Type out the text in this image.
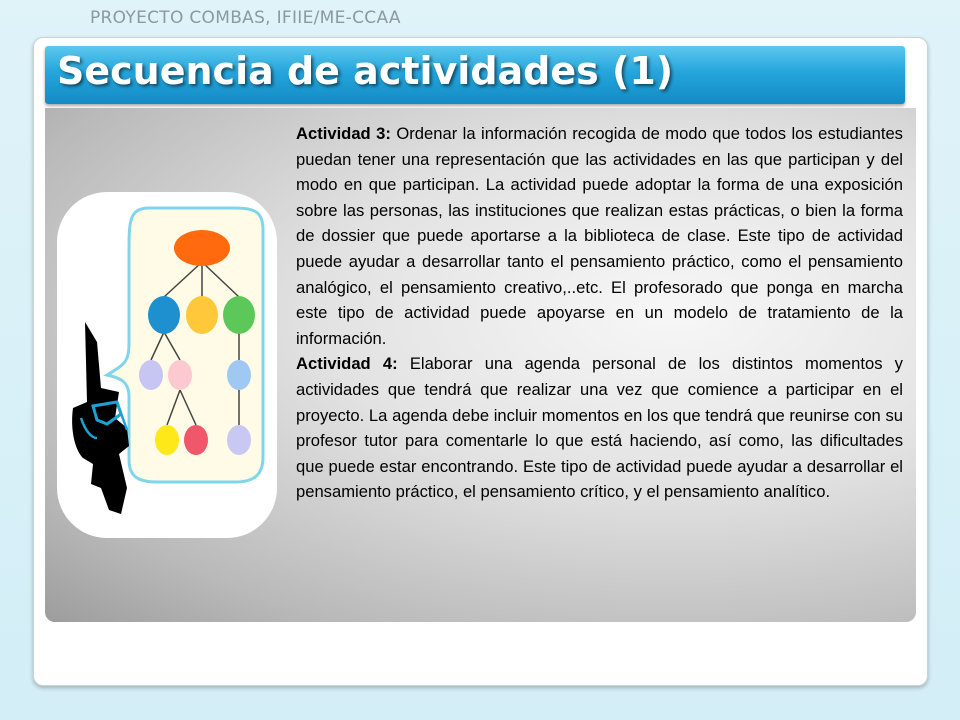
PROYECTO COMBAS, IFIIE/ME-CCAA
Secuencia de actividades (1)

Actividad 3: Ordenar la información recogida de modo que todos los estudiantes puedan tener una representación que las actividades en las que participan y del modo en que participan. La actividad puede adoptar la forma de una exposición sobre las personas, las instituciones que realizan estas prácticas, o bien la forma de dossier que puede aportarse a la biblioteca de clase. Este tipo de actividad puede ayudar a desarrollar tanto el pensamiento práctico, como el pensamiento analógico, el pensamiento creativo,..etc. El profesorado que ponga en marcha este tipo de actividad puede apoyarse en un modelo de tratamiento de la información.

Actividad 4: Elaborar una agenda personal de los distintos momentos y actividades que tendrá que realizar una vez que comience a participar en el proyecto. La agenda debe incluir momentos en los que tendrá que reunirse con su profesor tutor para comentarle lo que está haciendo, así como, las dificultades que puede estar encontrando. Este tipo de actividad puede ayudar a desarrollar el pensamiento práctico, el pensamiento crítico, y el pensamiento analítico.
